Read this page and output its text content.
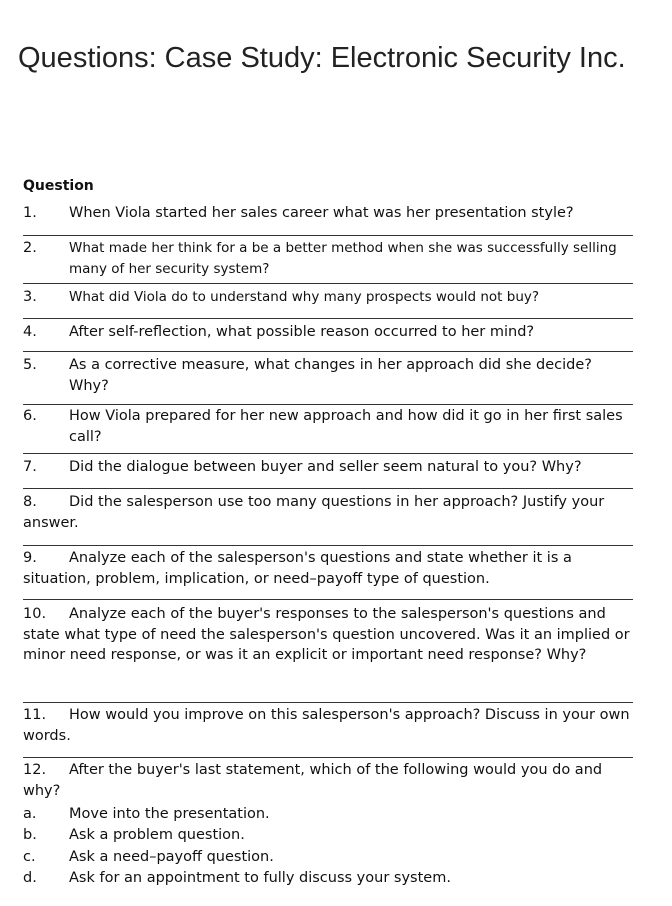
Questions: Case Study: Electronic Security Inc.
Question
1. When Viola started her sales career what was her presentation style?
2. What made her think for a be a better method when she was successfully selling many of her security system?
3. What did Viola do to understand why many prospects would not buy?
4. After self-reflection, what possible reason occurred to her mind?
5. As a corrective measure, what changes in her approach did she decide? Why?
6. How Viola prepared for her new approach and how did it go in her first sales call?
7. Did the dialogue between buyer and seller seem natural to you? Why?
8. Did the salesperson use too many questions in her approach? Justify your answer.
9. Analyze each of the salesperson's questions and state whether it is a situation, problem, implication, or need–payoff type of question.
10. Analyze each of the buyer's responses to the salesperson's questions and state what type of need the salesperson's question uncovered. Was it an implied or minor need response, or was it an explicit or important need response? Why?
11. How would you improve on this salesperson's approach? Discuss in your own words.
12. After the buyer's last statement, which of the following would you do and why?
a. Move into the presentation.
b. Ask a problem question.
c. Ask a need–payoff question.
d. Ask for an appointment to fully discuss your system.
